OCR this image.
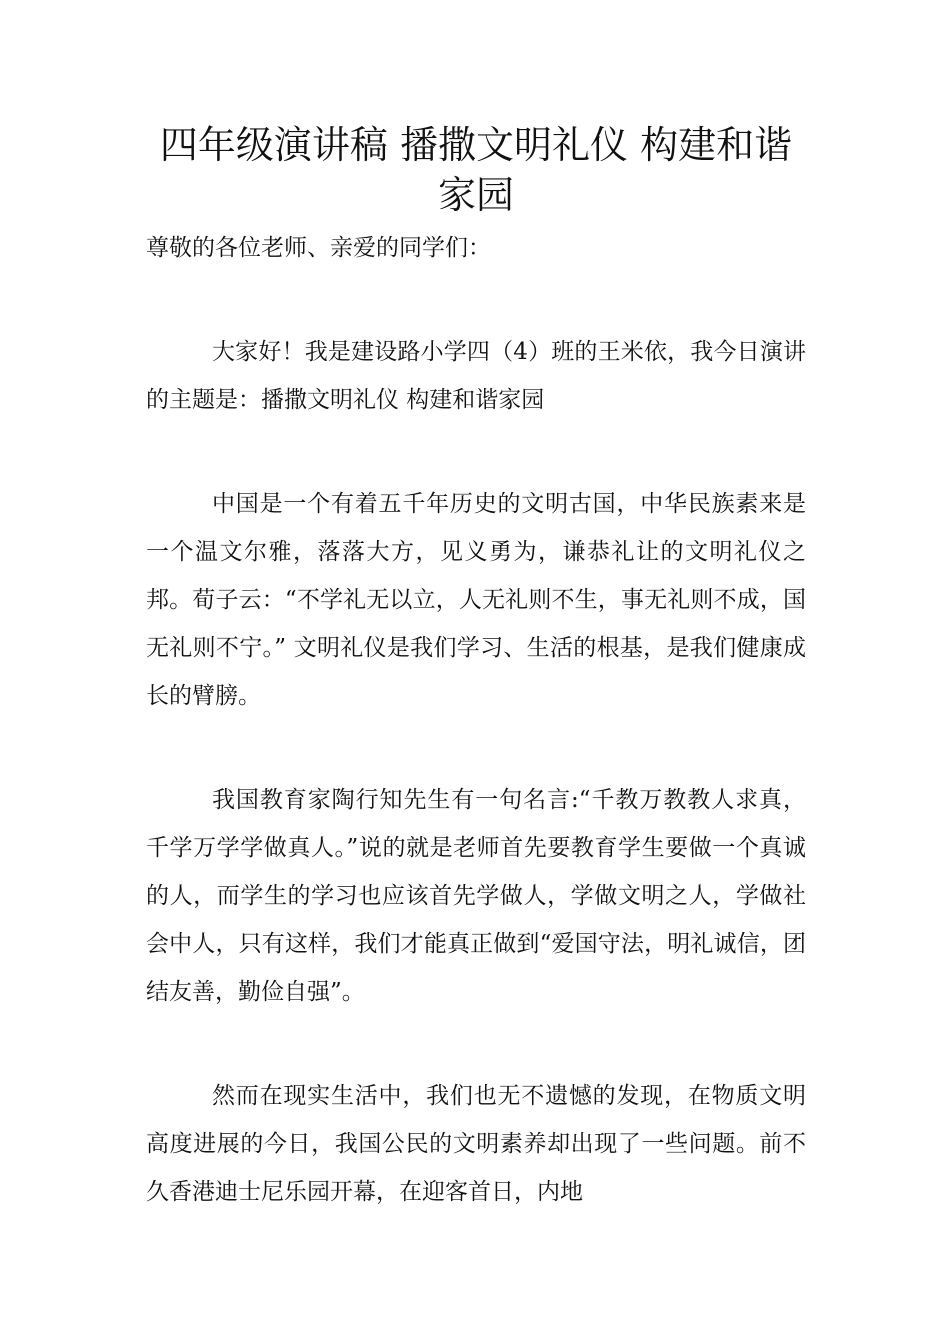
四年级演讲稿 播撒文明礼仪 构建和谐家园

尊敬的各位老师、亲爱的同学们：

大家好！我是建设路小学四（4）班的王米依，我今日演讲的主题是：播撒文明礼仪 构建和谐家园

中国是一个有着五千年历史的文明古国，中华民族素来是一个温文尔雅，落落大方，见义勇为，谦恭礼让的文明礼仪之邦。荀子云：“不学礼无以立，人无礼则不生，事无礼则不成，国无礼则不宁。” 文明礼仪是我们学习、生活的根基，是我们健康成长的臂膀。

我国教育家陶行知先生有一句名言:“千教万教教人求真，千学万学学做真人。”说的就是老师首先要教育学生要做一个真诚的人，而学生的学习也应该首先学做人，学做文明之人，学做社会中人，只有这样，我们才能真正做到“爱国守法，明礼诚信，团结友善，勤俭自强”。

然而在现实生活中，我们也无不遗憾的发现，在物质文明高度进展的今日，我国公民的文明素养却出现了一些问题。前不久香港迪士尼乐园开幕，在迎客首日，内地
